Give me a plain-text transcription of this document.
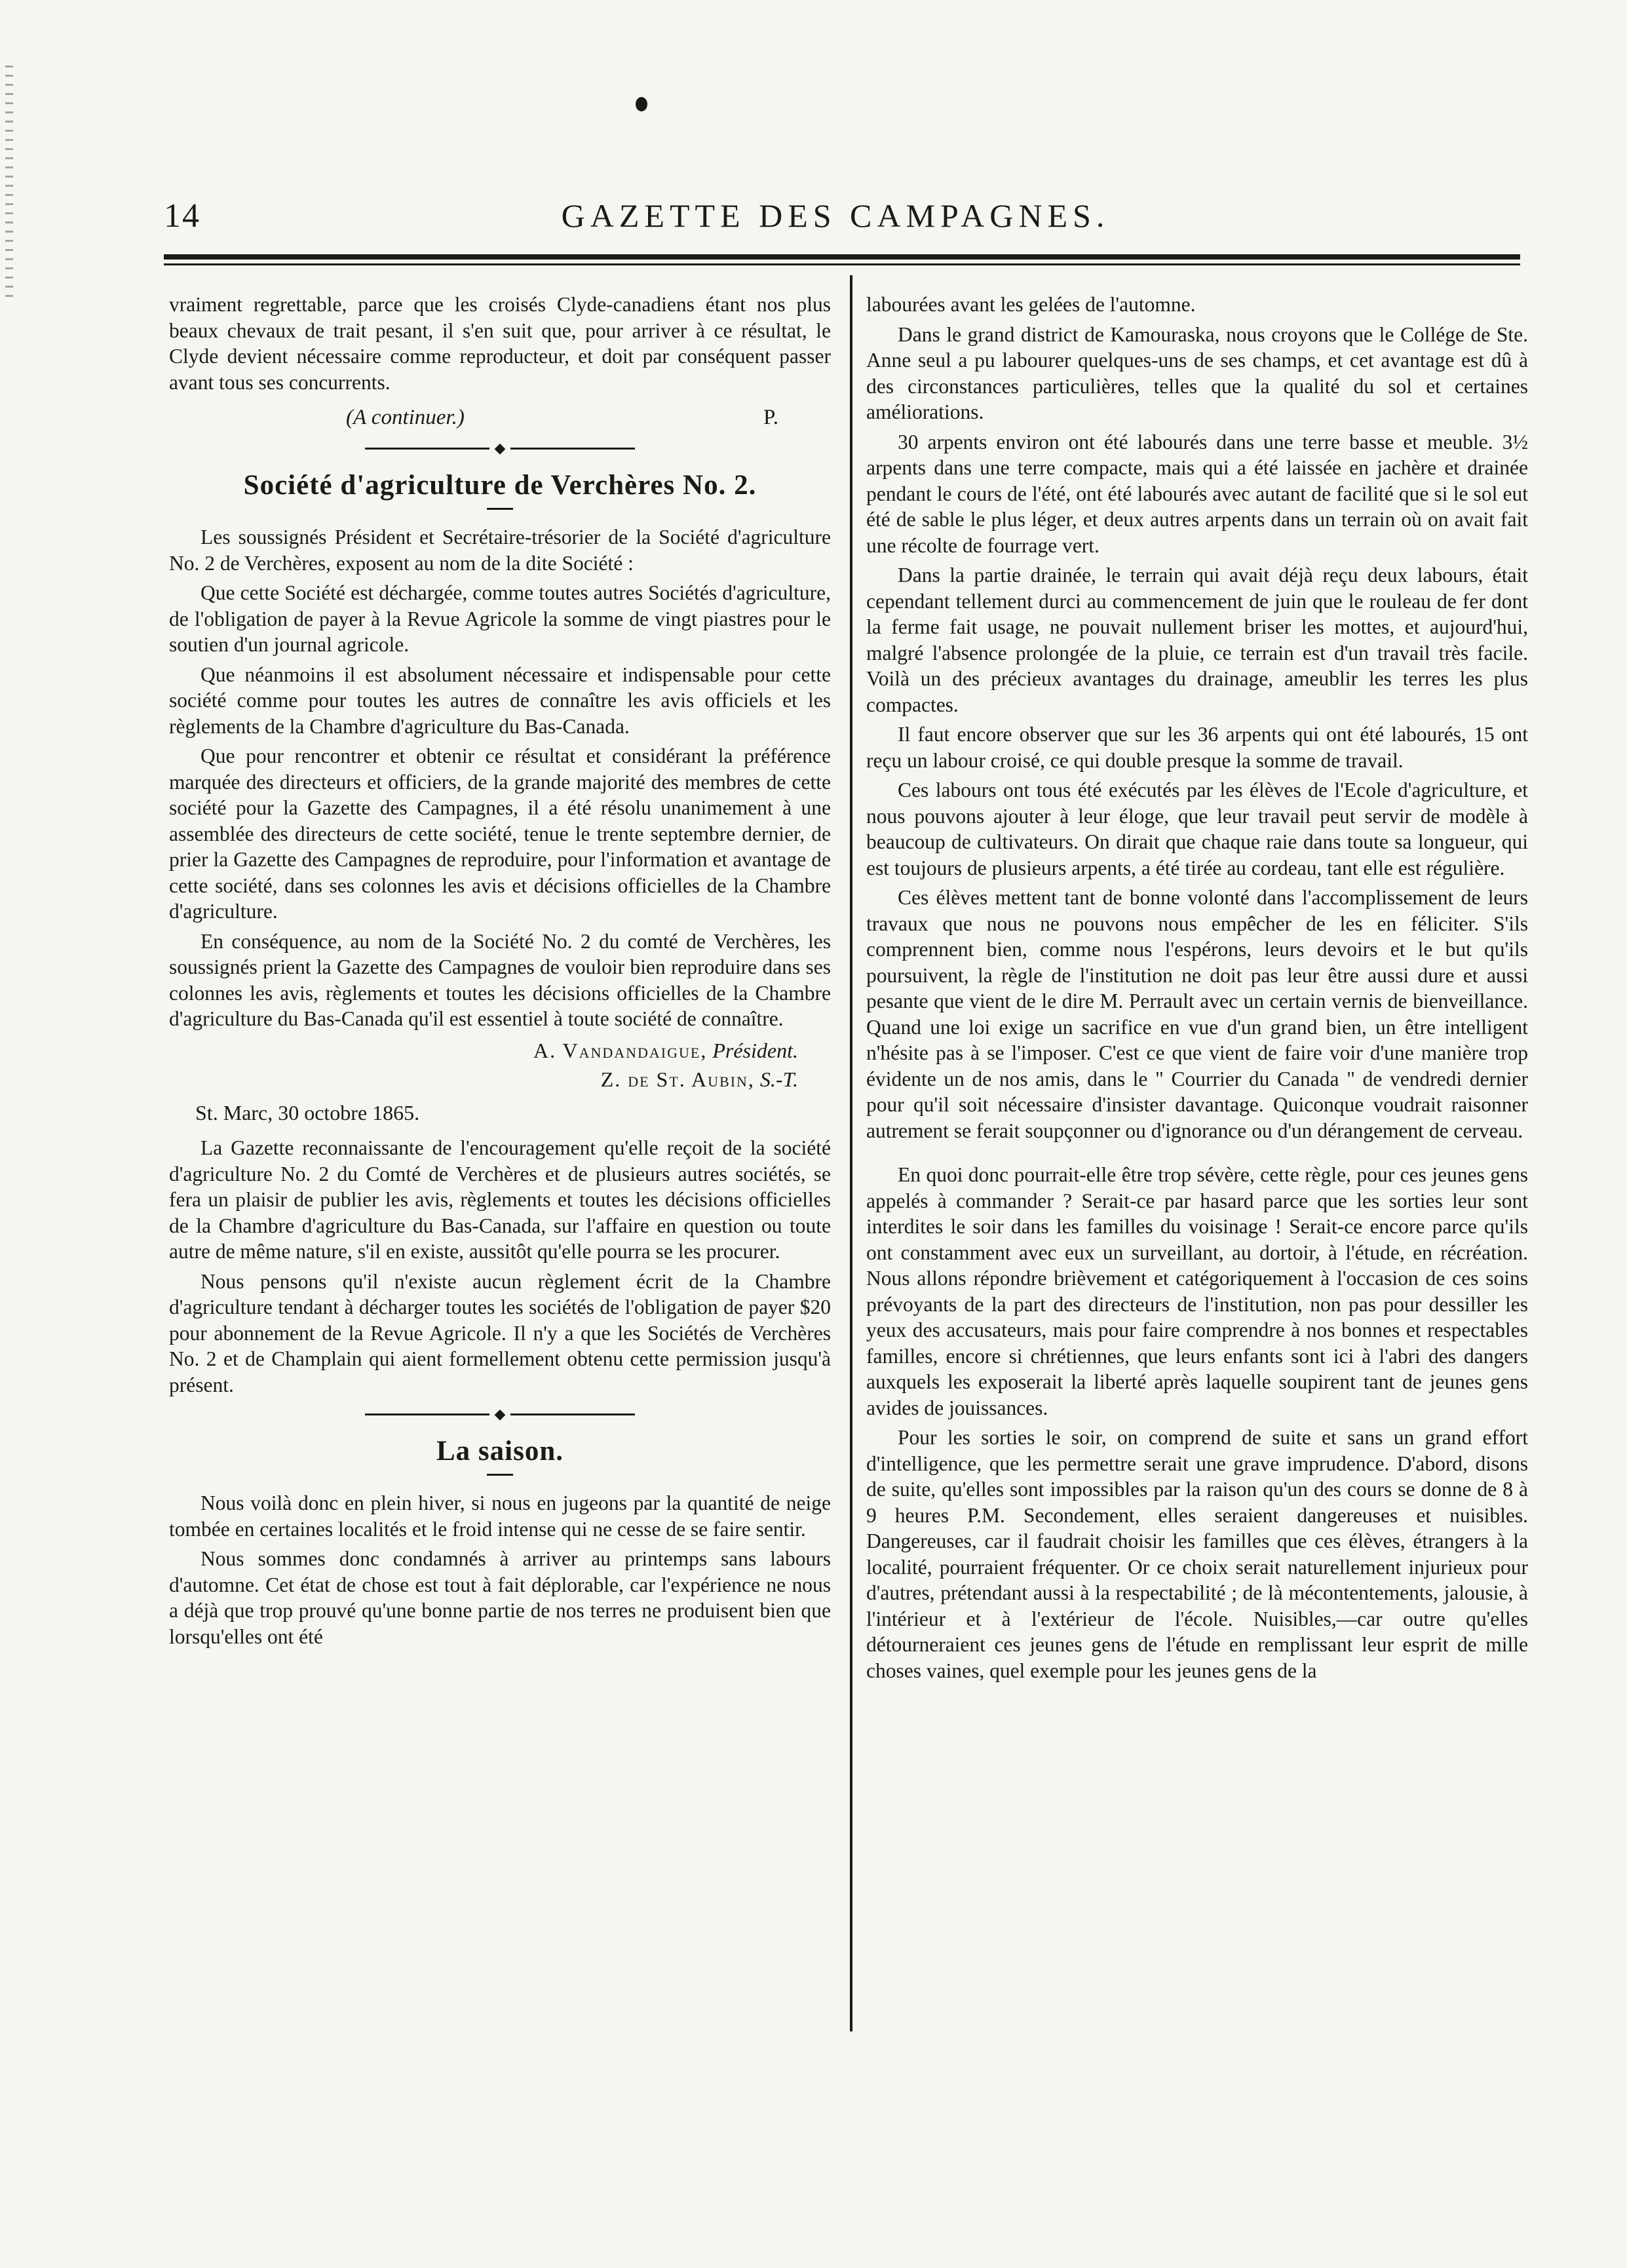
14	GAZETTE DES CAMPAGNES.

vraiment regrettable, parce que les croisés Clyde-canadiens étant nos plus beaux chevaux de trait pesant, il s'en suit que, pour arriver à ce résultat, le Clyde devient nécessaire comme reproducteur, et doit par conséquent passer avant tous ses concurrents.

(A continuer.)	P.
◆
Société d'agriculture de Verchères No. 2.

Les soussignés Président et Secrétaire-trésorier de la Société d'agriculture No. 2 de Verchères, exposent au nom de la dite Société :

Que cette Société est déchargée, comme toutes autres Sociétés d'agriculture, de l'obligation de payer à la Revue Agricole la somme de vingt piastres pour le soutien d'un journal agricole.

Que néanmoins il est absolument nécessaire et indispensable pour cette société comme pour toutes les autres de connaître les avis officiels et les règlements de la Chambre d'agriculture du Bas-Canada.

Que pour rencontrer et obtenir ce résultat et considérant la préférence marquée des directeurs et officiers, de la grande majorité des membres de cette société pour la Gazette des Campagnes, il a été résolu unanimement à une assemblée des directeurs de cette société, tenue le trente septembre dernier, de prier la Gazette des Campagnes de reproduire, pour l'information et avantage de cette société, dans ses colonnes les avis et décisions officielles de la Chambre d'agriculture.

En conséquence, au nom de la Société No. 2 du comté de Verchères, les soussignés prient la Gazette des Campagnes de vouloir bien reproduire dans ses colonnes les avis, règlements et toutes les décisions officielles de la Chambre d'agriculture du Bas-Canada qu'il est essentiel à toute société de connaître.

A. Vandandaigue, Président.
Z. de St. Aubin, S.-T.
St. Marc, 30 octobre 1865.

La Gazette reconnaissante de l'encouragement qu'elle reçoit de la société d'agriculture No. 2 du Comté de Verchères et de plusieurs autres sociétés, se fera un plaisir de publier les avis, règlements et toutes les décisions officielles de la Chambre d'agriculture du Bas-Canada, sur l'affaire en question ou toute autre de même nature, s'il en existe, aussitôt qu'elle pourra se les procurer.

Nous pensons qu'il n'existe aucun règlement écrit de la Chambre d'agriculture tendant à décharger toutes les sociétés de l'obligation de payer $20 pour abonnement de la Revue Agricole. Il n'y a que les Sociétés de Verchères No. 2 et de Champlain qui aient formellement obtenu cette permission jusqu'à présent.

◆
La saison.

Nous voilà donc en plein hiver, si nous en jugeons par la quantité de neige tombée en certaines localités et le froid intense qui ne cesse de se faire sentir.

Nous sommes donc condamnés à arriver au printemps sans labours d'automne. Cet état de chose est tout à fait déplorable, car l'expérience ne nous a déjà que trop prouvé qu'une bonne partie de nos terres ne produisent bien que lorsqu'elles ont été

labourées avant les gelées de l'automne.

Dans le grand district de Kamouraska, nous croyons que le Collége de Ste. Anne seul a pu labourer quelques-uns de ses champs, et cet avantage est dû à des circonstances particulières, telles que la qualité du sol et certaines améliorations.

30 arpents environ ont été labourés dans une terre basse et meuble. 3½ arpents dans une terre compacte, mais qui a été laissée en jachère et drainée pendant le cours de l'été, ont été labourés avec autant de facilité que si le sol eut été de sable le plus léger, et deux autres arpents dans un terrain où on avait fait une récolte de fourrage vert.

Dans la partie drainée, le terrain qui avait déjà reçu deux labours, était cependant tellement durci au commencement de juin que le rouleau de fer dont la ferme fait usage, ne pouvait nullement briser les mottes, et aujourd'hui, malgré l'absence prolongée de la pluie, ce terrain est d'un travail très facile. Voilà un des précieux avantages du drainage, ameublir les terres les plus compactes.

Il faut encore observer que sur les 36 arpents qui ont été labourés, 15 ont reçu un labour croisé, ce qui double presque la somme de travail.

Ces labours ont tous été exécutés par les élèves de l'Ecole d'agriculture, et nous pouvons ajouter à leur éloge, que leur travail peut servir de modèle à beaucoup de cultivateurs. On dirait que chaque raie dans toute sa longueur, qui est toujours de plusieurs arpents, a été tirée au cordeau, tant elle est régulière.

Ces élèves mettent tant de bonne volonté dans l'accomplissement de leurs travaux que nous ne pouvons nous empêcher de les en féliciter. S'ils comprennent bien, comme nous l'espérons, leurs devoirs et le but qu'ils poursuivent, la règle de l'institution ne doit pas leur être aussi dure et aussi pesante que vient de le dire M. Perrault avec un certain vernis de bienveillance. Quand une loi exige un sacrifice en vue d'un grand bien, un être intelligent n'hésite pas à se l'imposer. C'est ce que vient de faire voir d'une manière trop évidente un de nos amis, dans le " Courrier du Canada " de vendredi dernier pour qu'il soit nécessaire d'insister davantage. Quiconque voudrait raisonner autrement se ferait soupçonner ou d'ignorance ou d'un dérangement de cerveau.

En quoi donc pourrait-elle être trop sévère, cette règle, pour ces jeunes gens appelés à commander ? Serait-ce par hasard parce que les sorties leur sont interdites le soir dans les familles du voisinage ! Serait-ce encore parce qu'ils ont constamment avec eux un surveillant, au dortoir, à l'étude, en récréation. Nous allons répondre brièvement et catégoriquement à l'occasion de ces soins prévoyants de la part des directeurs de l'institution, non pas pour dessiller les yeux des accusateurs, mais pour faire comprendre à nos bonnes et respectables familles, encore si chrétiennes, que leurs enfants sont ici à l'abri des dangers auxquels les exposerait la liberté après laquelle soupirent tant de jeunes gens avides de jouissances.

Pour les sorties le soir, on comprend de suite et sans un grand effort d'intelligence, que les permettre serait une grave imprudence. D'abord, disons de suite, qu'elles sont impossibles par la raison qu'un des cours se donne de 8 à 9 heures P.M. Secondement, elles seraient dangereuses et nuisibles. Dangereuses, car il faudrait choisir les familles que ces élèves, étrangers à la localité, pourraient fréquenter. Or ce choix serait naturellement injurieux pour d'autres, prétendant aussi à la respectabilité ; de là mécontentements, jalousie, à l'intérieur et à l'extérieur de l'école. Nuisibles,—car outre qu'elles détourneraient ces jeunes gens de l'étude en remplissant leur esprit de mille choses vaines, quel exemple pour les jeunes gens de la
